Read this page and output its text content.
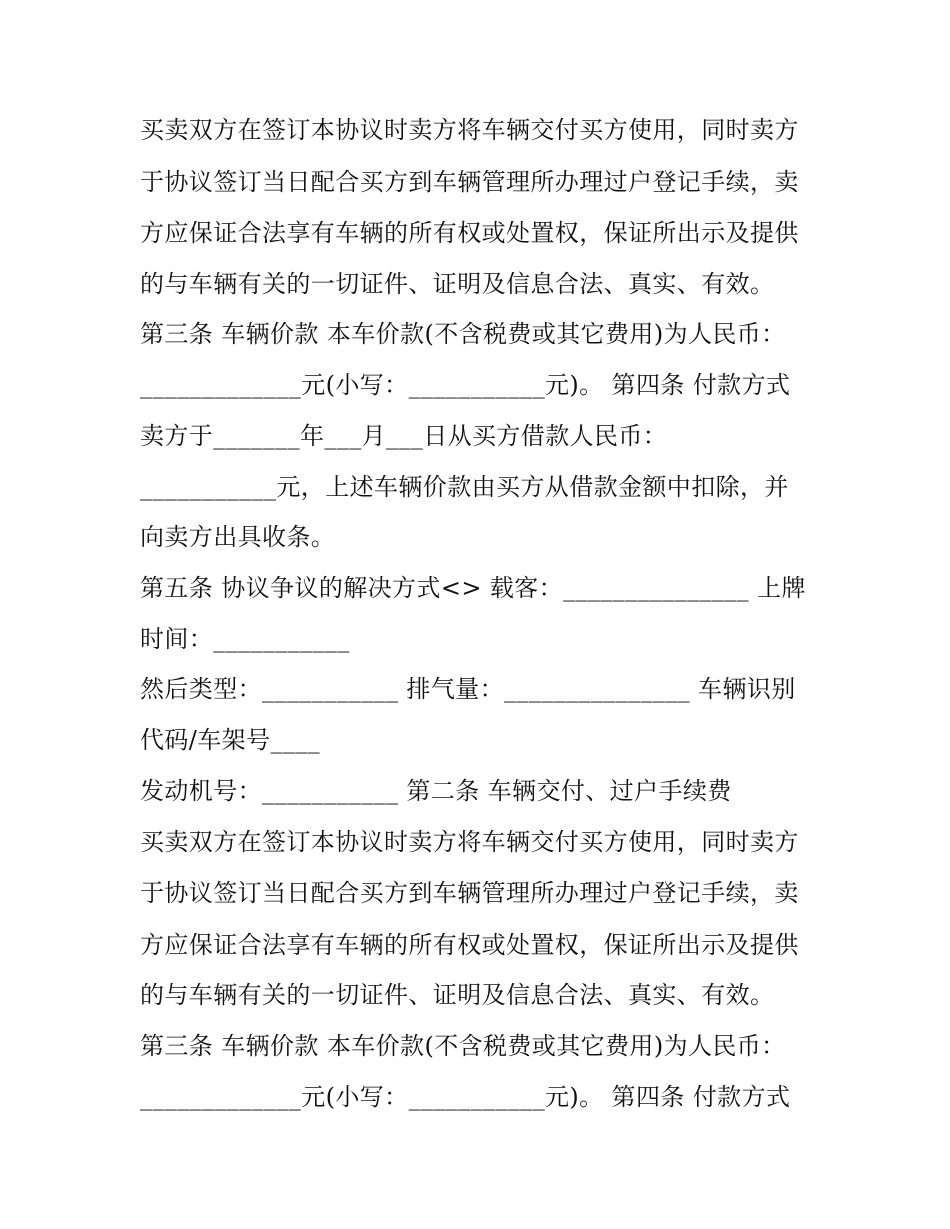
买卖双方在签订本协议时卖方将车辆交付买方使用，同时卖方
于协议签订当日配合买方到车辆管理所办理过户登记手续，卖
方应保证合法享有车辆的所有权或处置权，保证所出示及提供
的与车辆有关的一切证件、证明及信息合法、真实、有效。
第三条 车辆价款 本车价款(不含税费或其它费用)为人民币：
_____________元(小写：___________元)。 第四条 付款方式
卖方于_______年___月___日从买方借款人民币：
___________元，上述车辆价款由买方从借款金额中扣除，并
向卖方出具收条。
第五条 协议争议的解决方式<> 载客：_______________ 上牌
时间：___________
然后类型：___________ 排气量：_______________ 车辆识别
代码/车架号____
发动机号：___________ 第二条 车辆交付、过户手续费
买卖双方在签订本协议时卖方将车辆交付买方使用，同时卖方
于协议签订当日配合买方到车辆管理所办理过户登记手续，卖
方应保证合法享有车辆的所有权或处置权，保证所出示及提供
的与车辆有关的一切证件、证明及信息合法、真实、有效。
第三条 车辆价款 本车价款(不含税费或其它费用)为人民币：
_____________元(小写：___________元)。 第四条 付款方式
